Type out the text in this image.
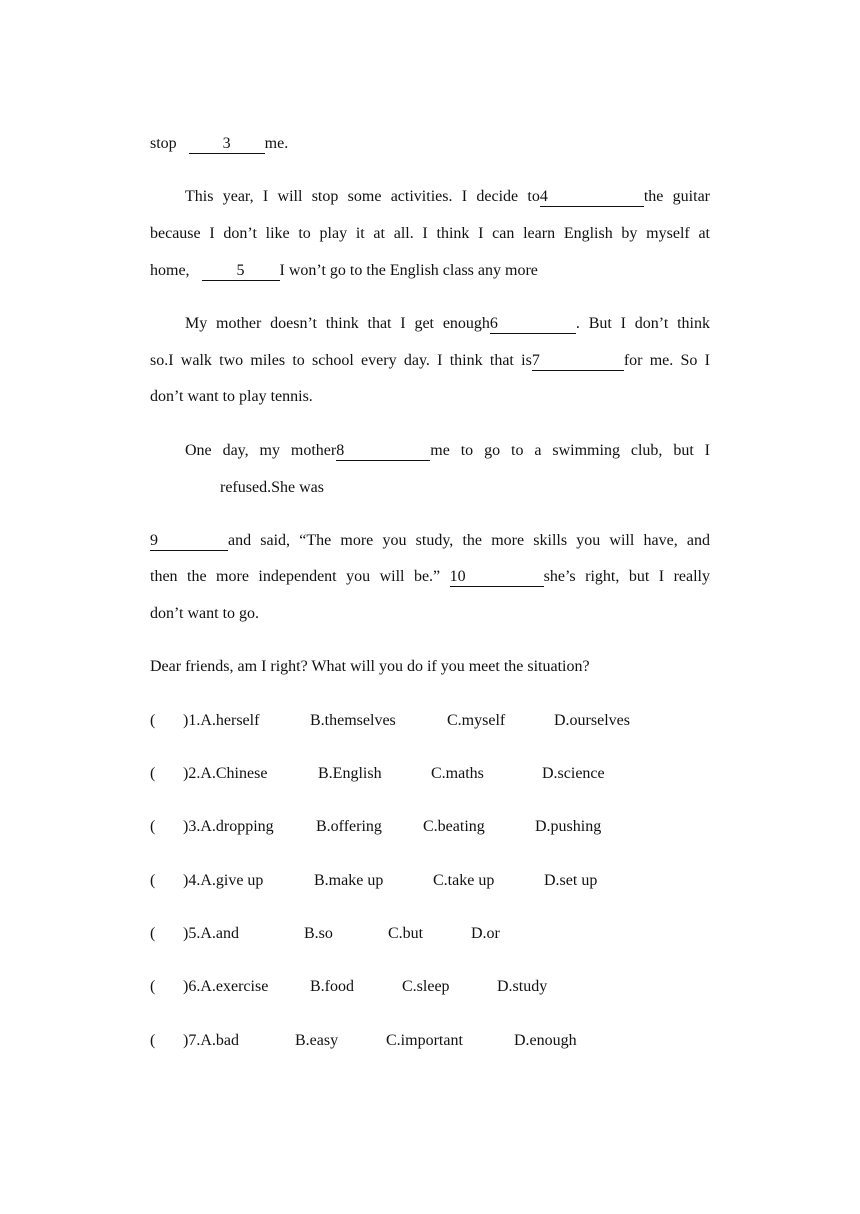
stop	3 me.
This year, I will stop some activities. I decide to4	the guitar
because I don’t like to play it at all. I think I can learn English by myself at
home,	5 I won’t go to the English class any more
My mother doesn’t think that I get enough6	. But I don’t think
so.I walk two miles to school every day. I think that is7	for me. So I
don’t want to play tennis.
One day, my mother8	me to go to a swimming club, but I
refused.She was
9	and said, “The more you study, the more skills you will have, and
then the more independent you will be.” 10	she’s right, but I really
don’t want to go.
Dear friends, am I right? What will you do if you meet the situation?
( )1.A.herself	B.themselves	C.myself	D.ourselves
( )2.A.Chinese	B.English	C.maths	D.science
( )3.A.dropping	B.offering	C.beating	D.pushing
( )4.A.give up	B.make up	C.take up	D.set up
( )5.A.and	B.so	C.but	D.or
( )6.A.exercise	B.food	C.sleep	D.study
( )7.A.bad	B.easy	C.important	D.enough
